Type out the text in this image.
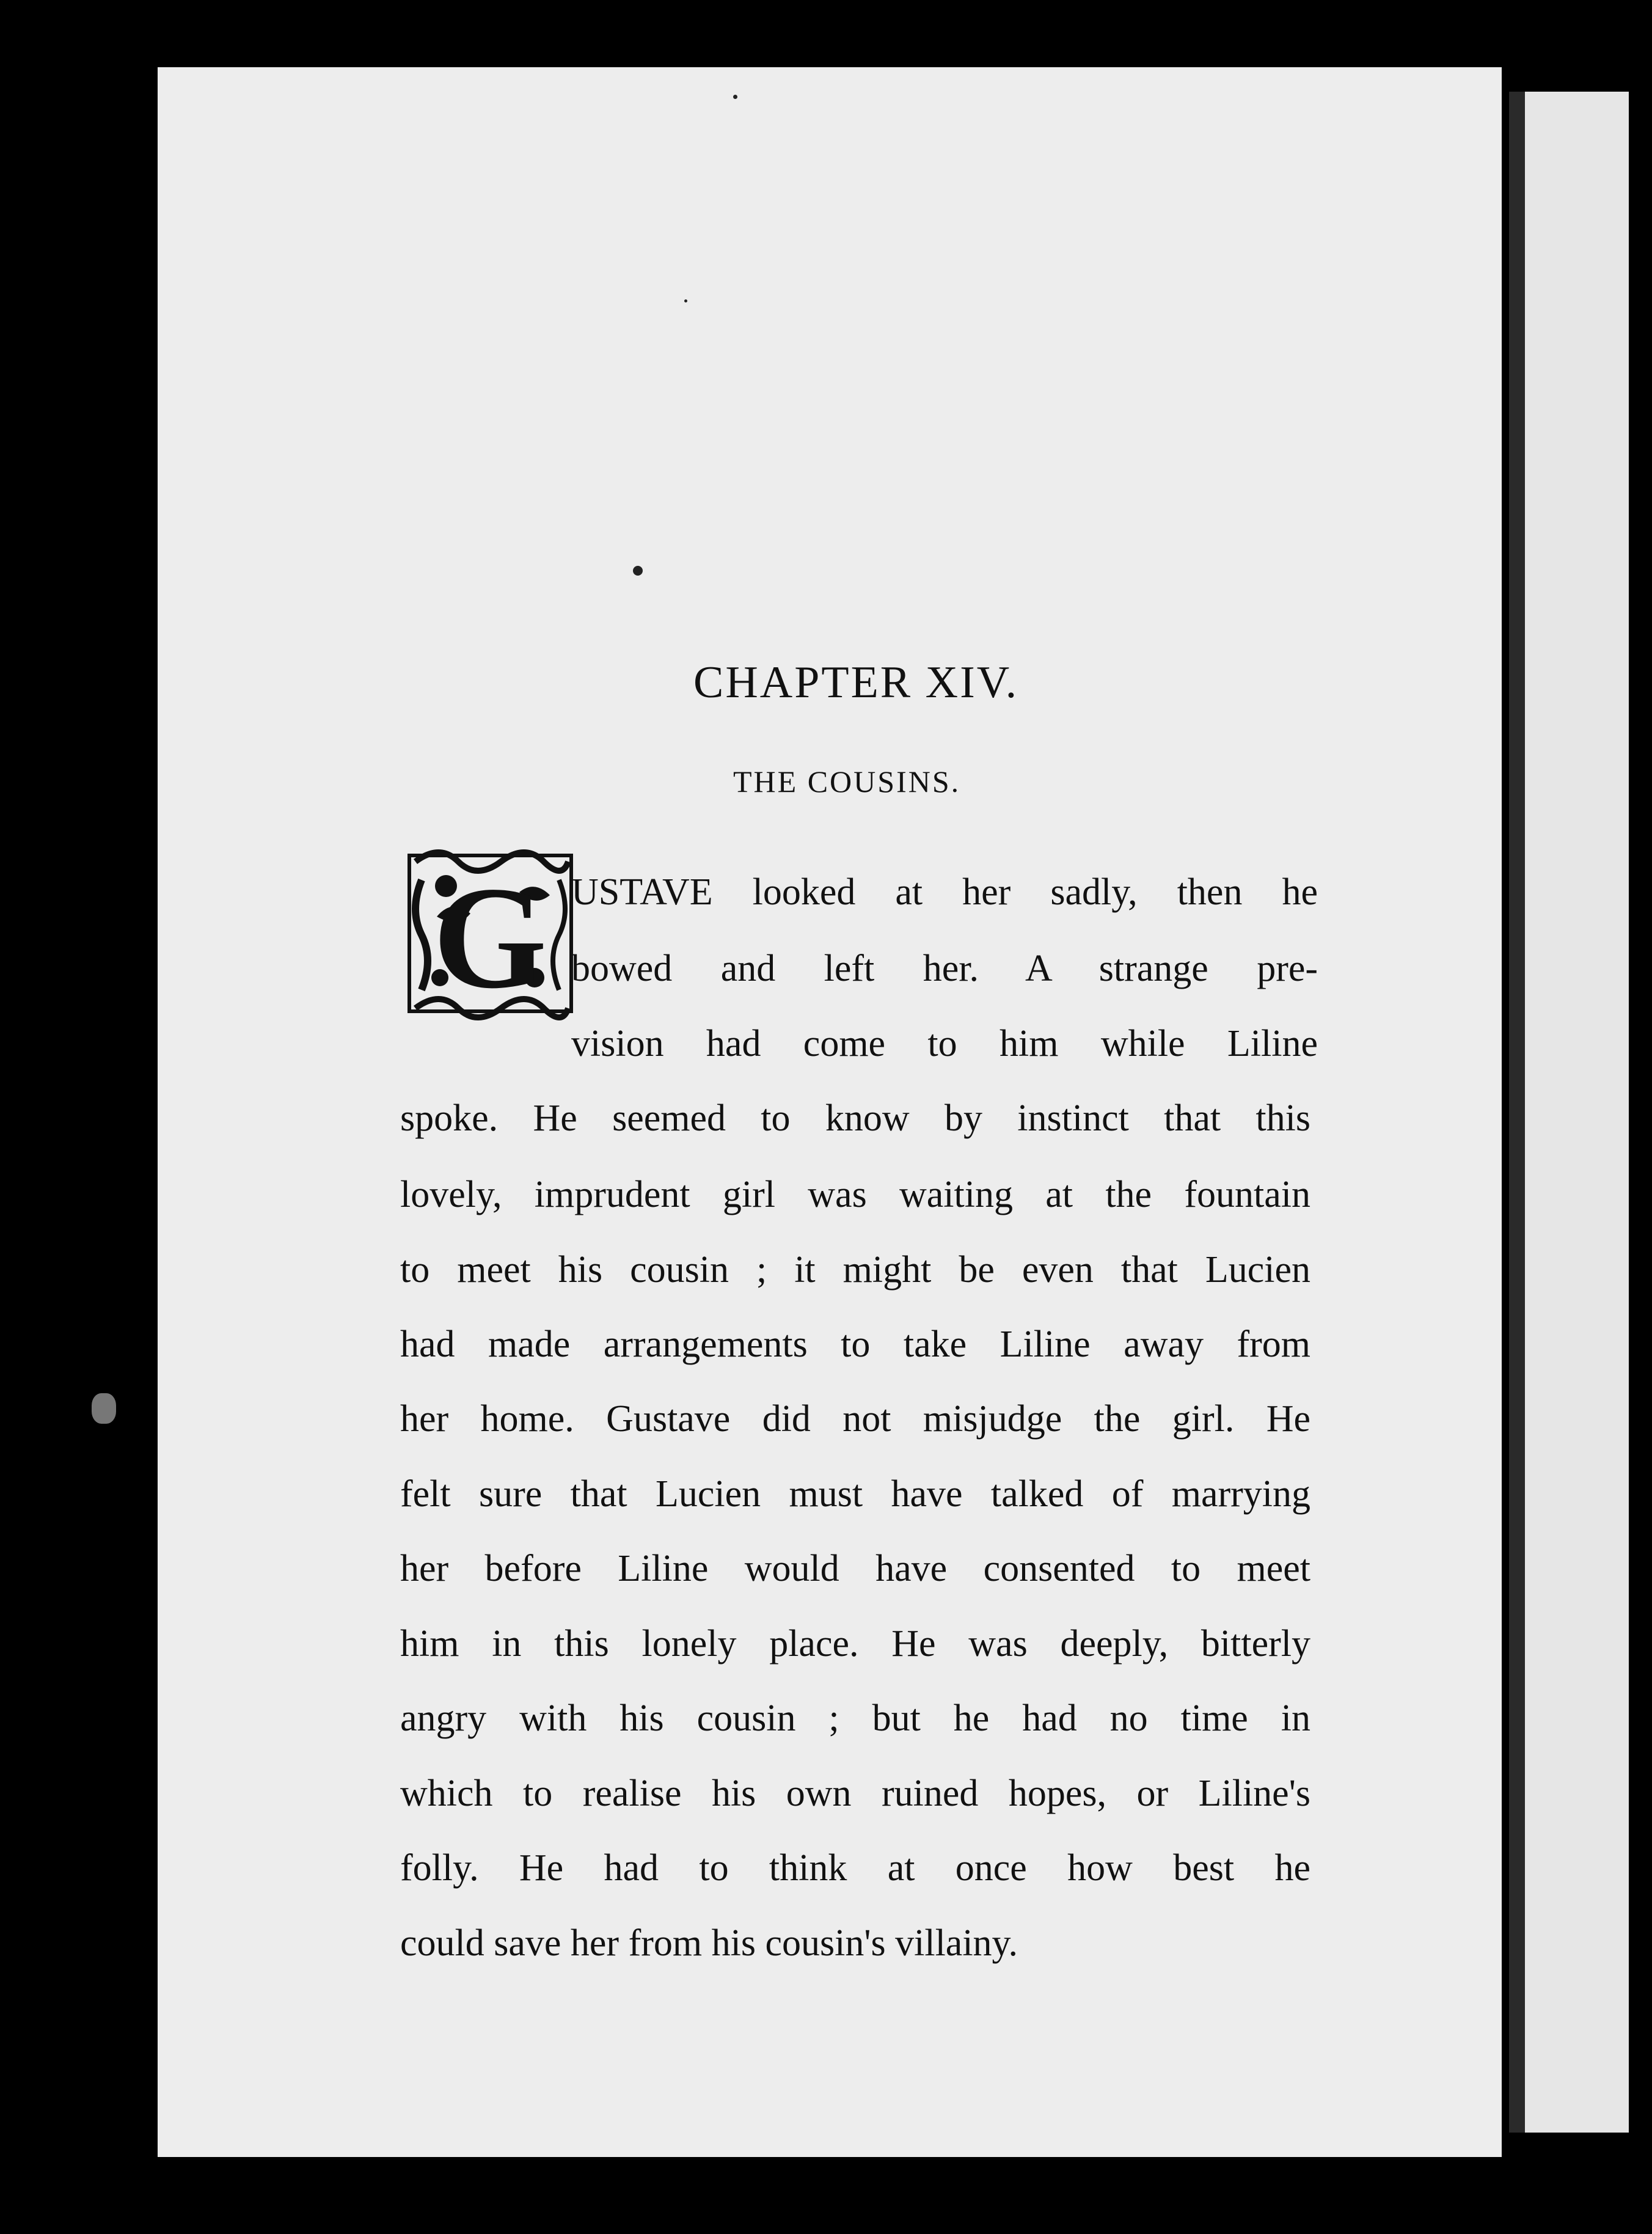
CHAPTER XIV.
THE COUSINS.
G USTAVE looked at her sadly, then he
bowed and left her. A strange pre-
vision had come to him while Liline
spoke. He seemed to know by instinct that this
lovely, imprudent girl was waiting at the fountain
to meet his cousin ; it might be even that Lucien
had made arrangements to take Liline away from
her home. Gustave did not misjudge the girl. He
felt sure that Lucien must have talked of marrying
her before Liline would have consented to meet
him in this lonely place. He was deeply, bitterly
angry with his cousin ; but he had no time in
which to realise his own ruined hopes, or Liline's
folly. He had to think at once how best he
could save her from his cousin's villainy.
